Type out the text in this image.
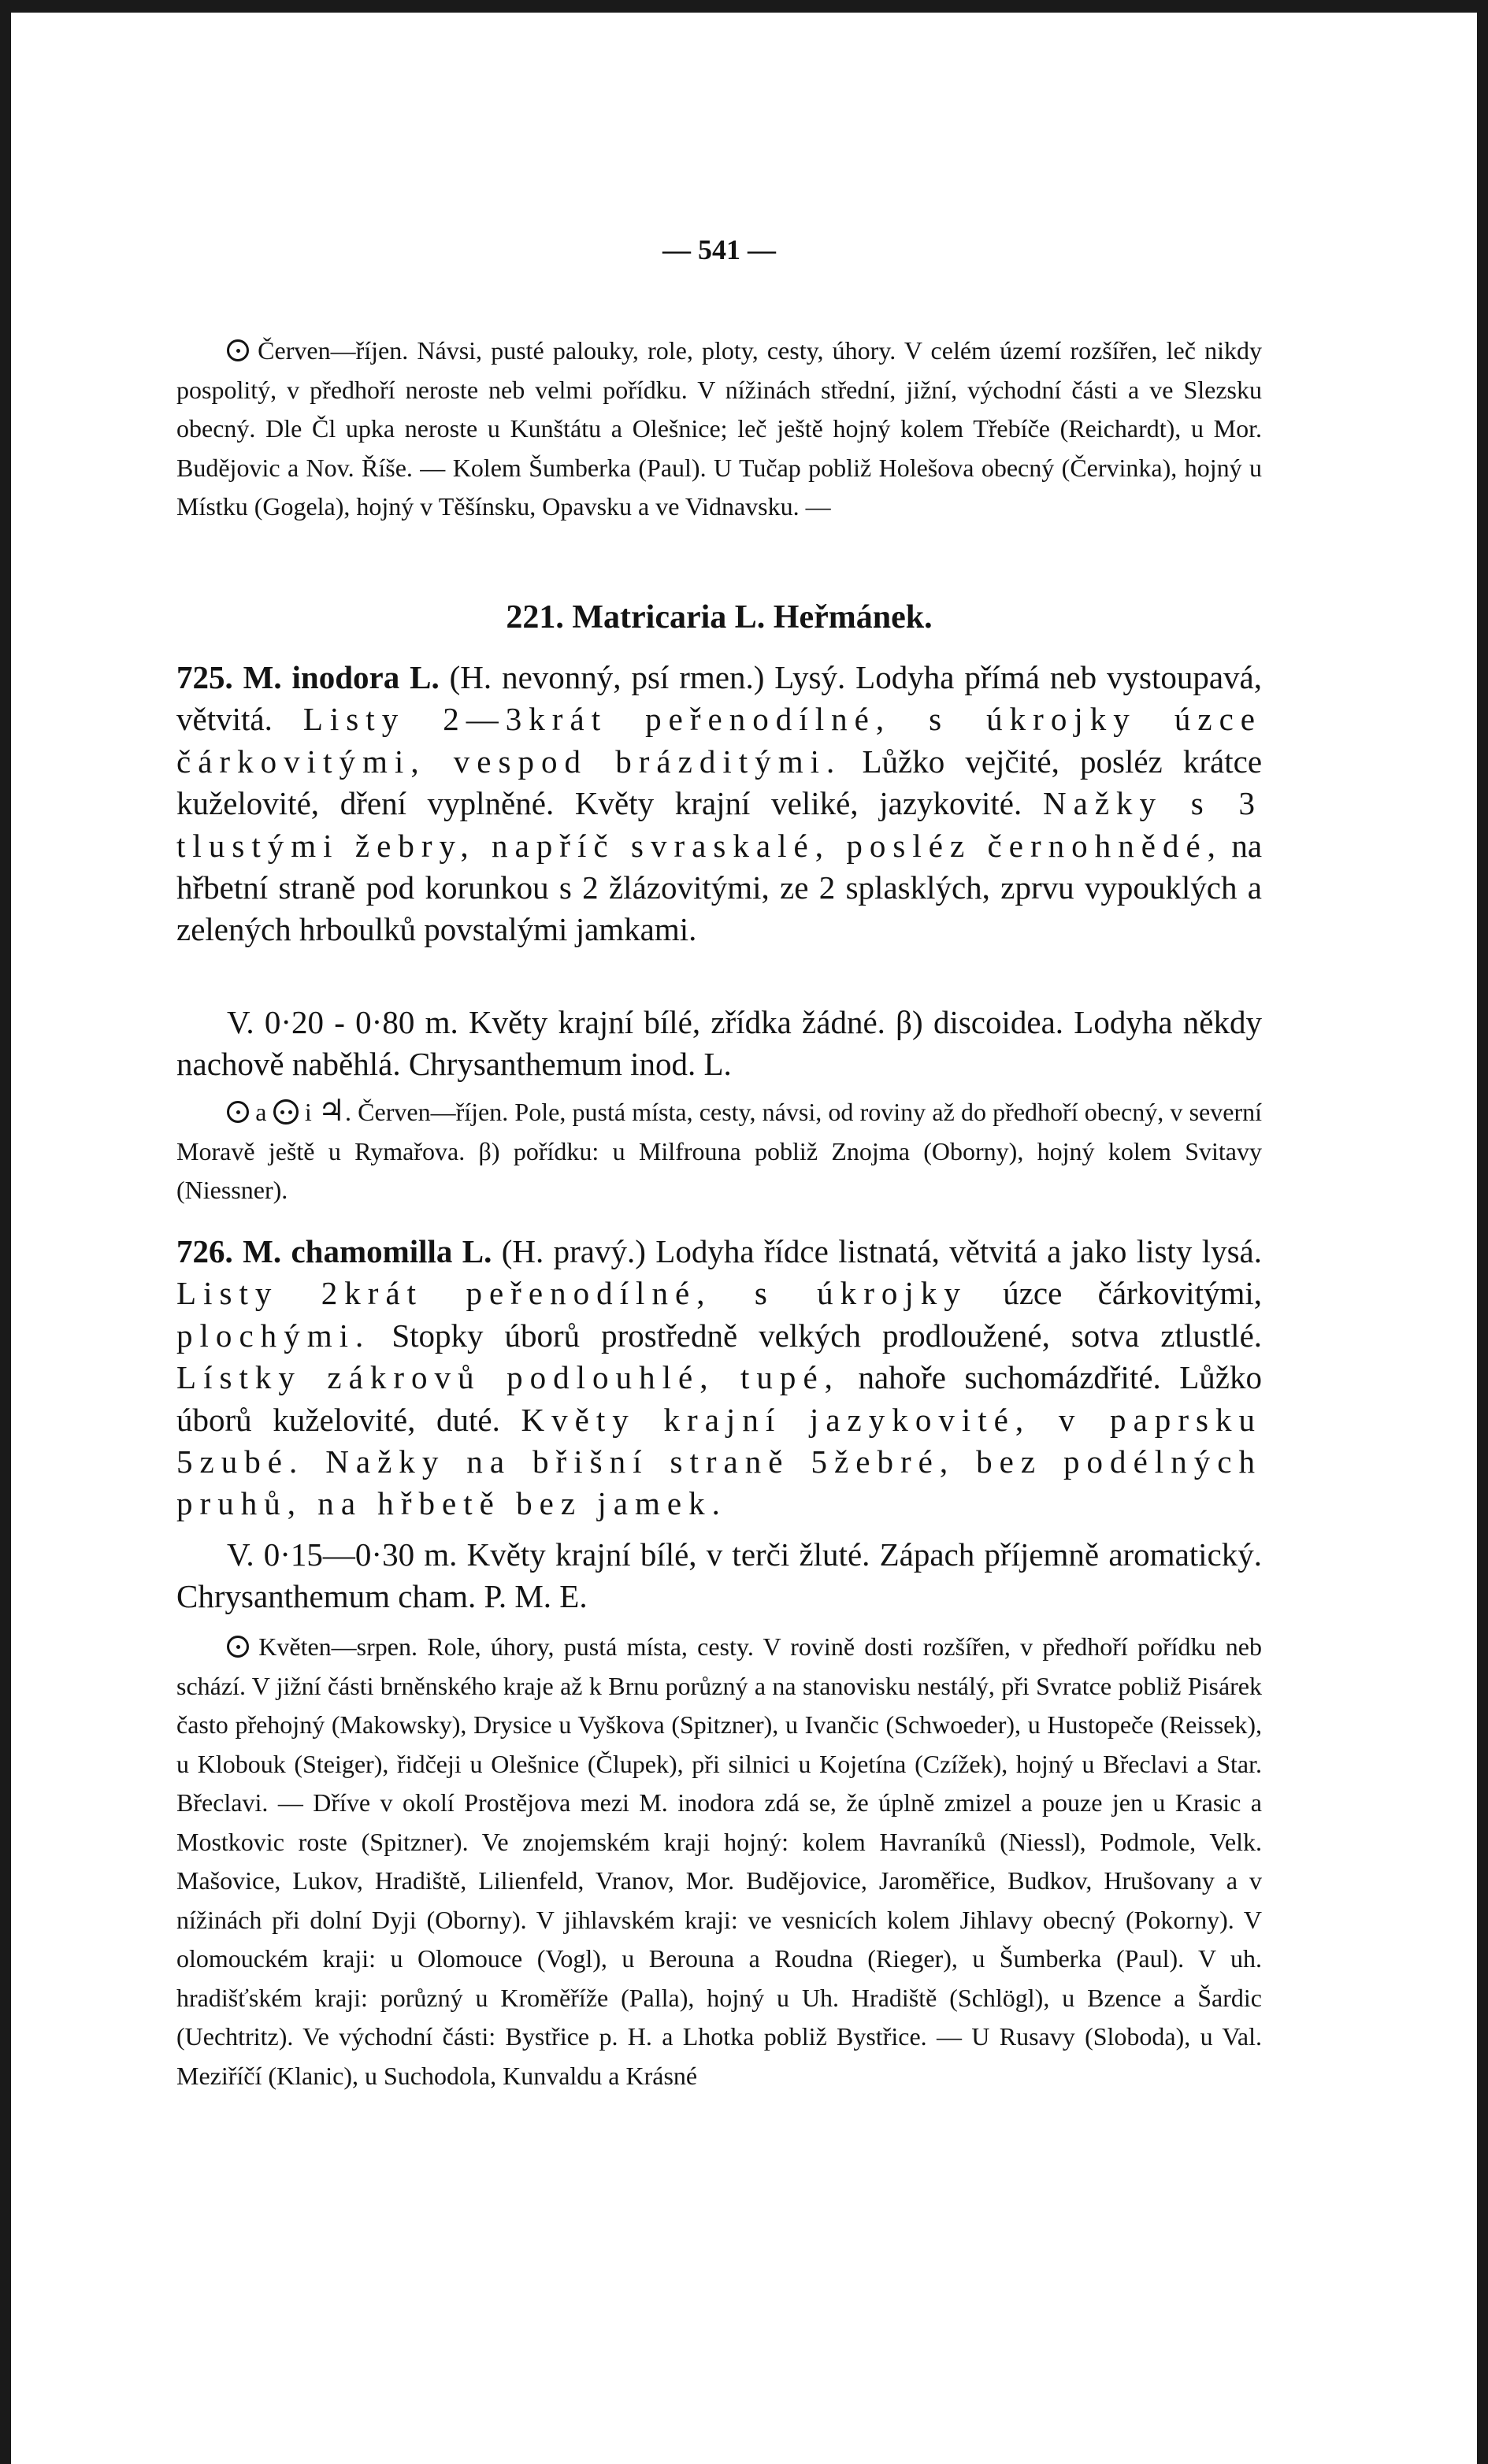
— 541 —

Červen—říjen. Návsi, pusté palouky, role, ploty, cesty, úhory. V celém území rozšířen, leč nikdy pospolitý, v předhoří neroste neb velmi pořídku. V nížinách střední, jižní, východní části a ve Slezsku obecný. Dle Čl upka neroste u Kunštátu a Olešnice; leč ještě hojný kolem Třebíče (Reichardt), u Mor. Budějovic a Nov. Říše. — Kolem Šumberka (Paul). U Tučap pobliž Holešova obecný (Červinka), hojný u Místku (Gogela), hojný v Těšínsku, Opavsku a ve Vidnavsku. —

221. Matricaria L. Heřmánek.

725. M. inodora L. (H. nevonný, psí rmen.) Lysý. Lodyha přímá neb vystoupavá, větvitá. Listy 2—3krát peřenodílné, s úkrojky úzce čárkovitými, vespod brázditými. Lůžko vejčité, posléz krátce kuželovité, dření vyplněné. Květy krajní veliké, jazykovité. Nažky s 3 tlustými žebry, napříč svraskalé, posléz černohnědé, na hřbetní straně pod korunkou s 2 žlázovitými, ze 2 splasklých, zprvu vypouklých a zelených hrboulků povstalými jamkami.

V. 0·20 - 0·80 m. Květy krajní bílé, zřídka žádné. β) discoidea. Lodyha někdy nachově naběhlá. Chrysanthemum inod. L.

a i ♃. Červen—říjen. Pole, pustá místa, cesty, návsi, od roviny až do předhoří obecný, v severní Moravě ještě u Rymařova. β) pořídku: u Milfrouna pobliž Znojma (Oborny), hojný kolem Svitavy (Niessner).

726. M. chamomilla L. (H. pravý.) Lodyha řídce listnatá, větvitá a jako listy lysá. Listy 2krát peřenodílné, s úkrojky úzce čárkovitými, plochými. Stopky úborů prostředně velkých prodloužené, sotva ztlustlé. Lístky zákrovů podlouhlé, tupé, nahoře suchomázdřité. Lůžko úborů kuželovité, duté. Květy krajní jazykovité, v paprsku 5zubé. Nažky na břišní straně 5žebré, bez podélných pruhů, na hřbetě bez jamek.

V. 0·15—0·30 m. Květy krajní bílé, v terči žluté. Zápach příjemně aromatický. Chrysanthemum cham. P. M. E.

Květen—srpen. Role, úhory, pustá místa, cesty. V rovině dosti rozšířen, v předhoří pořídku neb schází. V jižní části brněnského kraje až k Brnu porůzný a na stanovisku nestálý, při Svratce pobliž Pisárek často přehojný (Makowsky), Drysice u Vyškova (Spitzner), u Ivančic (Schwoeder), u Hustopeče (Reissek), u Klobouk (Steiger), řidčeji u Olešnice (Člupek), při silnici u Kojetína (Czížek), hojný u Břeclavi a Star. Břeclavi. — Dříve v okolí Prostějova mezi M. inodora zdá se, že úplně zmizel a pouze jen u Krasic a Mostkovic roste (Spitzner). Ve znojemském kraji hojný: kolem Havraníků (Niessl), Podmole, Velk. Mašovice, Lukov, Hradiště, Lilienfeld, Vranov, Mor. Budějovice, Jaroměřice, Budkov, Hrušovany a v nížinách při dolní Dyji (Oborny). V jihlavském kraji: ve vesnicích kolem Jihlavy obecný (Pokorny). V olomouckém kraji: u Olomouce (Vogl), u Berouna a Roudna (Rieger), u Šumberka (Paul). V uh. hradišťském kraji: porůzný u Kroměříže (Palla), hojný u Uh. Hradiště (Schlögl), u Bzence a Šardic (Uechtritz). Ve východní části: Bystřice p. H. a Lhotka pobliž Bystřice. — U Rusavy (Sloboda), u Val. Meziříčí (Klanic), u Suchodola, Kunvaldu a Krásné
